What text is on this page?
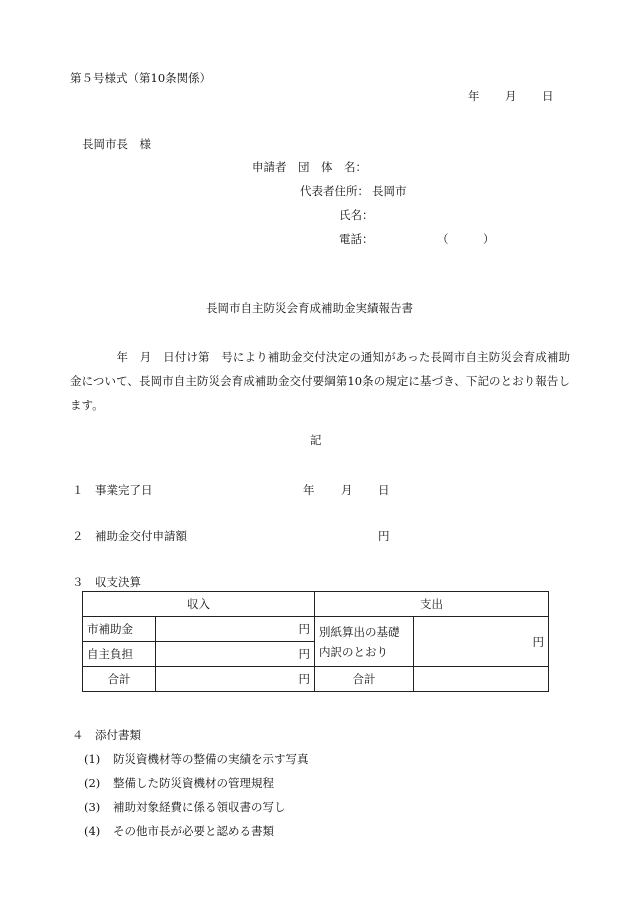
第５号様式（第10条関係）
年 月 日
長岡市長　様
申請者　団　体　名：
代表者住所： 長岡市
氏名：
電話：	（	）
長岡市自主防災会育成補助金実績報告書
　　　　年　月　日付け第　号により補助金交付決定の通知があった長岡市自主防災会育成補助金について、長岡市自主防災会育成補助金交付要綱第10条の規定に基づき、下記のとおり報告します。
記
１ 事業完了日	年 月 日
２ 補助金交付申請額	円
３ 収支決算
収入		支出	
市補助金	円	別紙算出の基礎内訳のとおり	円
自主負担	円		
合計	円	合計	
４ 添付書類
(1) 防災資機材等の整備の実績を示す写真
(2) 整備した防災資機材の管理規程
(3) 補助対象経費に係る領収書の写し
(4) その他市長が必要と認める書類
